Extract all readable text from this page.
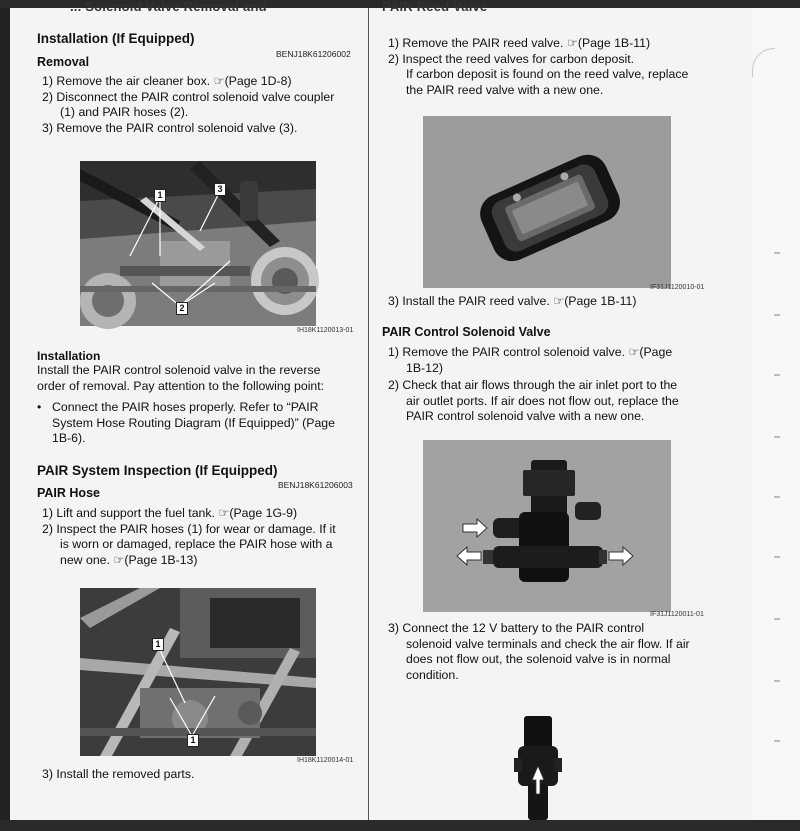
... Solenoid Valve Removal and
Installation (If Equipped)
BENJ18K61206002
Removal
1) Remove the air cleaner box. ☞(Page 1D-8)
2) Disconnect the PAIR control solenoid valve coupler
(1) and PAIR hoses (2).
3) Remove the PAIR control solenoid valve (3).
1
3
2
IH18K1120013-01
Installation
Install the PAIR control solenoid valve in the reverse
order of removal. Pay attention to the following point:
• Connect the PAIR hoses properly. Refer to “PAIR
System Hose Routing Diagram (If Equipped)” (Page
1B-6).
PAIR System Inspection (If Equipped)
BENJ18K61206003
PAIR Hose
1) Lift and support the fuel tank. ☞(Page 1G-9)
2) Inspect the PAIR hoses (1) for wear or damage. If it
is worn or damaged, replace the PAIR hose with a
new one. ☞(Page 1B-13)
1
1
IH18K1120014-01
3) Install the removed parts.
PAIR Reed Valve
1) Remove the PAIR reed valve. ☞(Page 1B-11)
2) Inspect the reed valves for carbon deposit.
If carbon deposit is found on the reed valve, replace
the PAIR reed valve with a new one.
IF31J1120010-01
3) Install the PAIR reed valve. ☞(Page 1B-11)
PAIR Control Solenoid Valve
1) Remove the PAIR control solenoid valve. ☞(Page
1B-12)
2) Check that air flows through the air inlet port to the
air outlet ports. If air does not flow out, replace the
PAIR control solenoid valve with a new one.
IF31J1120011-01
3) Connect the 12 V battery to the PAIR control
solenoid valve terminals and check the air flow. If air
does not flow out, the solenoid valve is in normal
condition.
